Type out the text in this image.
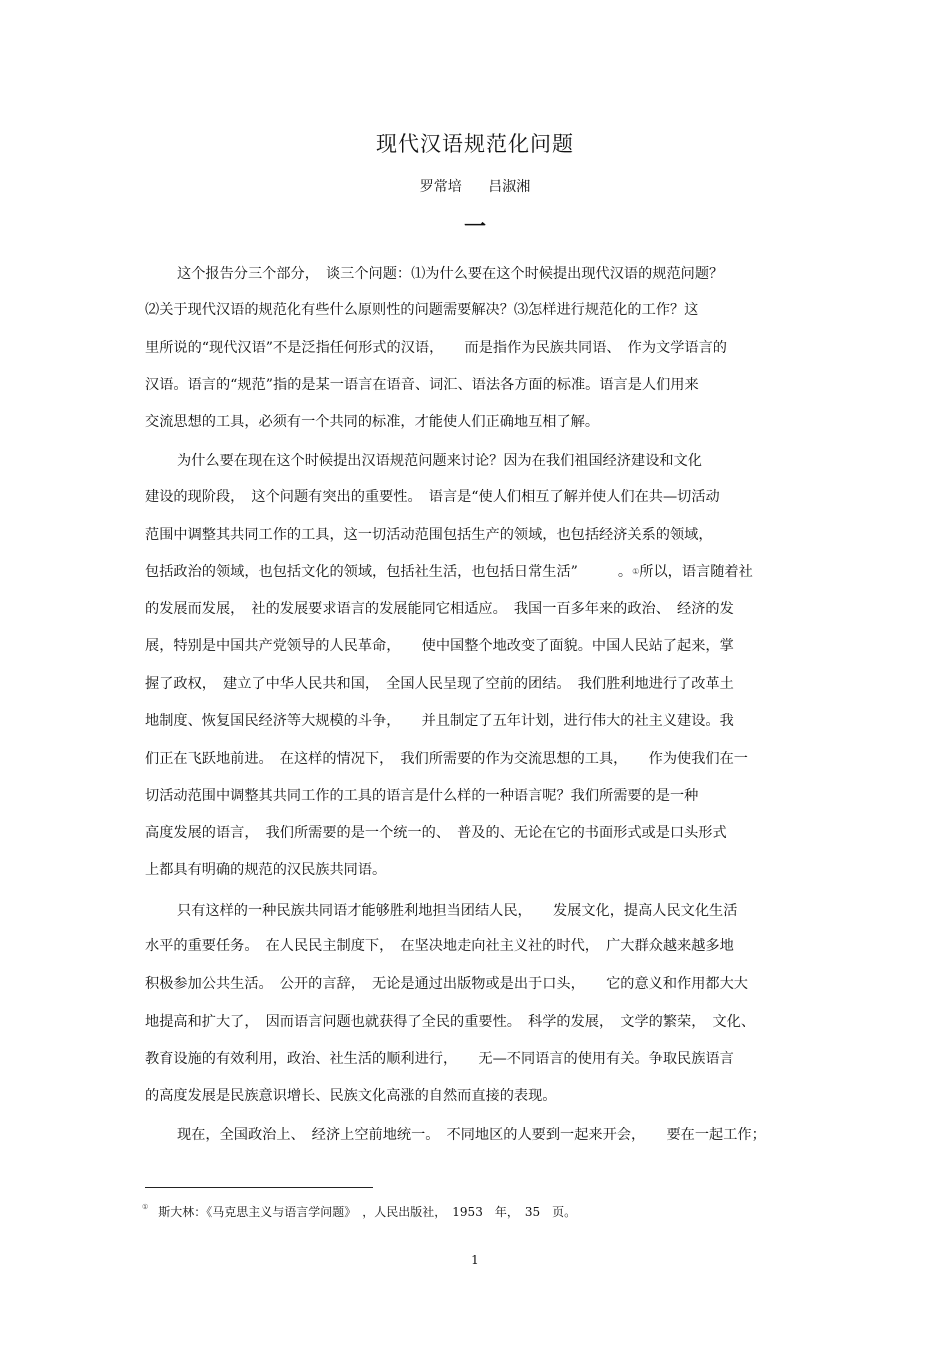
现代汉语规范化问题
罗常培 吕淑湘
一
这个报告分三个部分，　谈三个问题：⑴为什么要在这个时候提出现代汉语的规范问题？
⑵关于现代汉语的规范化有些什么原则性的问题需要解决？⑶怎样进行规范化的工作？这
里所说的“现代汉语”不是泛指任何形式的汉语，　　而是指作为民族共同语、　作为文学语言的
汉语。语言的“规范”指的是某一语言在语音、词汇、语法各方面的标准。语言是人们用来
交流思想的工具，必须有一个共同的标准，才能使人们正确地互相了解。
为什么要在现在这个时候提出汉语规范问题来讨论？因为在我们祖国经济建设和文化
建设的现阶段，　这个问题有突出的重要性。　语言是“使人们相互了解并使人们在共—切活动
范围中调整其共同工作的工具，这一切活动范围包括生产的领域，也包括经济关系的领域，
包括政治的领域，也包括文化的领域，包括社生活，也包括日常生活”	。①所以，语言随着社
的发展而发展，　社的发展要求语言的发展能同它相适应。　我国一百多年来的政治、　经济的发
展，特别是中国共产党领导的人民革命，　　使中国整个地改变了面貌。中国人民站了起来，掌
握了政权，　建立了中华人民共和国，　全国人民呈现了空前的团结。　我们胜利地进行了改革土
地制度、恢复国民经济等大规模的斗争，　　并且制定了五年计划，进行伟大的社主义建设。我
们正在飞跃地前进。　在这样的情况下，　我们所需要的作为交流思想的工具，　　作为使我们在一
切活动范围中调整其共同工作的工具的语言是什么样的一种语言呢？我们所需要的是一种
高度发展的语言，　我们所需要的是一个统一的、　普及的、无论在它的书面形式或是口头形式
上都具有明确的规范的汉民族共同语。
只有这样的一种民族共同语才能够胜利地担当团结人民，　　发展文化，提高人民文化生活
水平的重要任务。　在人民民主制度下，　在坚决地走向社主义社的时代，　广大群众越来越多地
积极参加公共生活。　公开的言辞，　无论是通过出版物或是出于口头，　　它的意义和作用都大大
地提高和扩大了，　因而语言问题也就获得了全民的重要性。　科学的发展，　文学的繁荣，　文化、
教育设施的有效利用，政治、社生活的顺利进行，　　无—不同语言的使用有关。争取民族语言
的高度发展是民族意识增长、民族文化高涨的自然而直接的表现。
现在，全国政治上、　经济上空前地统一。　不同地区的人要到一起来开会，　　要在一起工作；
① 斯大林：《马克思主义与语言学问题》　，人民出版社，　1953　年，　35　页。
1
